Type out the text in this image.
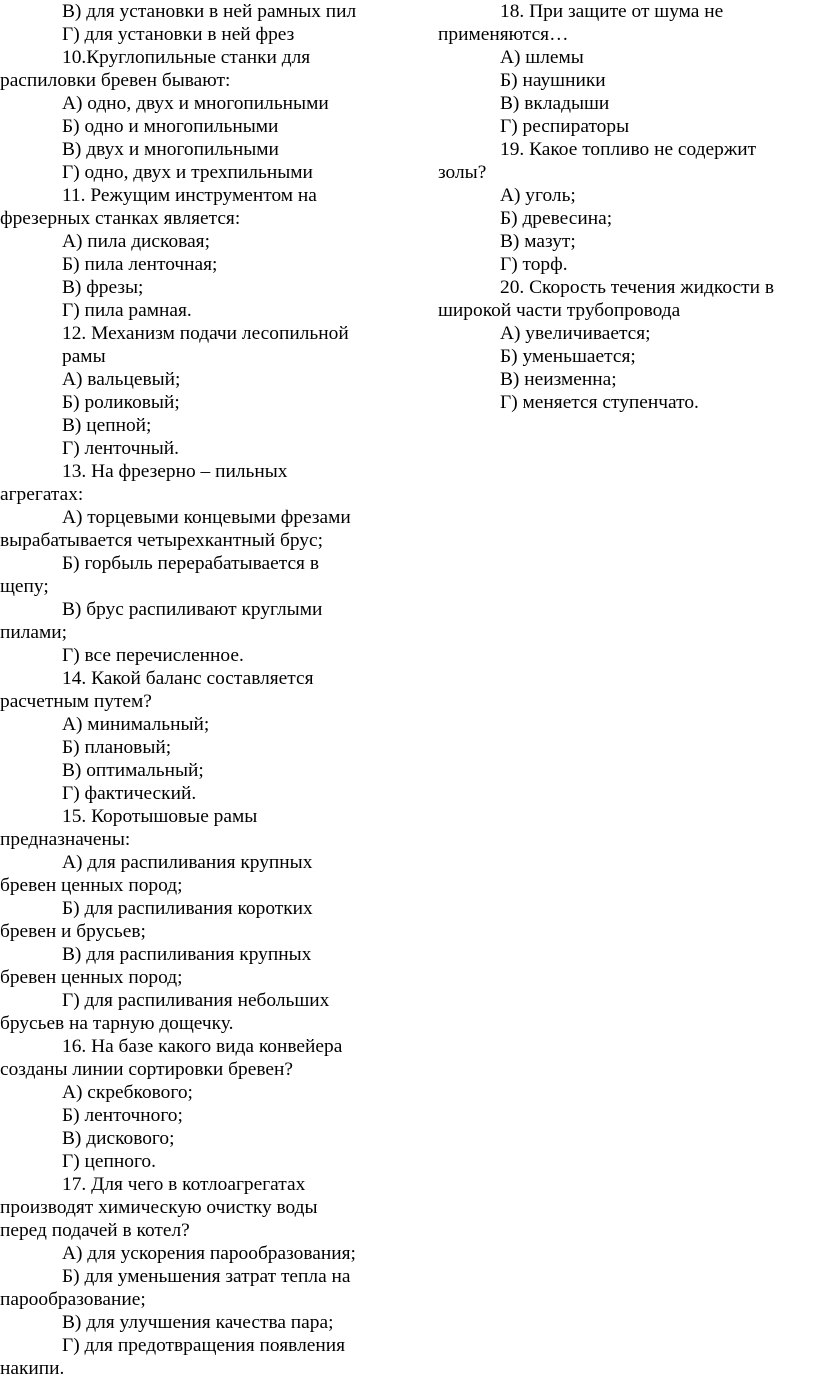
В) для установки в ней рамных пил
Г) для установки в ней фрез
10.Круглопильные станки для
распиловки бревен бывают:
А) одно, двух и многопильными
Б) одно и многопильными
В) двух и многопильными
Г) одно, двух и трехпильными
11. Режущим инструментом на
фрезерных станках является:
А) пила дисковая;
Б) пила ленточная;
В) фрезы;
Г) пила рамная.
12. Механизм подачи лесопильной
рамы
А) вальцевый;
Б) роликовый;
В) цепной;
Г) ленточный.
13. На фрезерно – пильных
агрегатах:
А) торцевыми концевыми фрезами
вырабатывается четырехкантный брус;
Б) горбыль перерабатывается в
щепу;
В) брус распиливают круглыми
пилами;
Г) все перечисленное.
14. Какой баланс составляется
расчетным путем?
А) минимальный;
Б) плановый;
В) оптимальный;
Г) фактический.
15. Коротышовые рамы
предназначены:
А) для распиливания крупных
бревен ценных пород;
Б) для распиливания коротких
бревен и брусьев;
В) для распиливания крупных
бревен ценных пород;
Г) для распиливания небольших
брусьев на тарную дощечку.
16. На базе какого вида конвейера
созданы линии сортировки бревен?
А) скребкового;
Б) ленточного;
В) дискового;
Г) цепного.
17. Для чего в котлоагрегатах
производят химическую очистку воды
перед подачей в котел?
А) для ускорения парообразования;
Б) для уменьшения затрат тепла на
парообразование;
В) для улучшения качества пара;
Г) для предотвращения появления
накипи.
18. При защите от шума не
применяются…
А) шлемы
Б) наушники
В) вкладыши
Г) респираторы
19. Какое топливо не содержит
золы?
А) уголь;
Б) древесина;
В) мазут;
Г) торф.
20. Скорость течения жидкости в
широкой части трубопровода
А) увеличивается;
Б) уменьшается;
В) неизменна;
Г) меняется ступенчато.
